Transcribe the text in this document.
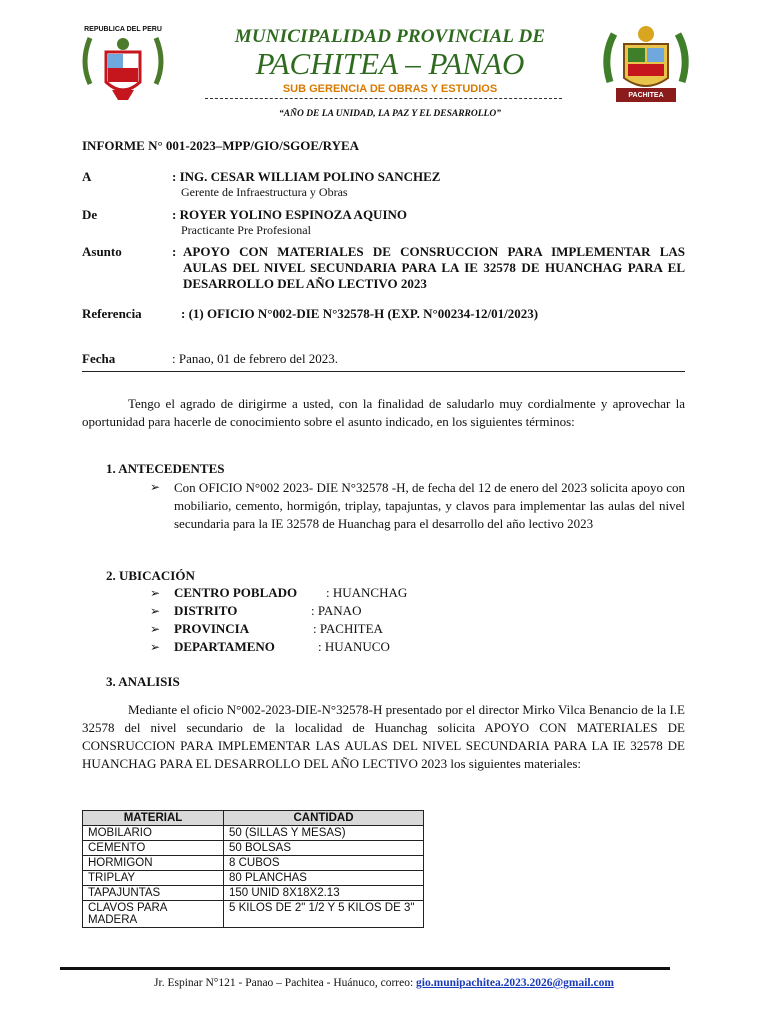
REPUBLICA DEL PERU
PACHITEA
MUNICIPALIDAD PROVINCIAL DE
PACHITEA – PANAO
SUB GERENCIA DE OBRAS Y ESTUDIOS
“AÑO DE LA UNIDAD, LA PAZ Y EL DESARROLLO”
INFORME N° 001-2023–MPP/GIO/SGOE/RYEA
A	: ING. CESAR WILLIAM POLINO SANCHEZ
Gerente de Infraestructura y Obras
De	: ROYER YOLINO ESPINOZA AQUINO
Practicante Pre Profesional
Asunto	: APOYO CON MATERIALES DE CONSRUCCION PARA IMPLEMENTAR LAS AULAS DEL NIVEL SECUNDARIA PARA LA IE 32578 DE HUANCHAG PARA EL DESARROLLO DEL AÑO LECTIVO 2023
Referencia	: (1) OFICIO N°002-DIE N°32578-H (EXP. N°00234-12/01/2023)
Fecha	: Panao, 01 de febrero del 2023.
Tengo el agrado de dirigirme a usted, con la finalidad de saludarlo muy cordialmente y aprovechar la oportunidad para hacerle de conocimiento sobre el asunto indicado, en los siguientes términos:
1. ANTECEDENTES
➢ Con OFICIO N°002 2023- DIE N°32578 -H, de fecha del 12 de enero del 2023 solicita apoyo con mobiliario, cemento, hormigón, triplay, tapajuntas, y clavos para implementar las aulas del nivel secundaria para la IE 32578 de Huanchag para el desarrollo del año lectivo 2023
2. UBICACIÓN
➢ CENTRO POBLADO : HUANCHAG
➢ DISTRITO	: PANAO
➢ PROVINCIA	: PACHITEA
➢ DEPARTAMENO	: HUANUCO
3. ANALISIS
Mediante el oficio N°002-2023-DIE-N°32578-H presentado por el director Mirko Vilca Benancio de la I.E 32578 del nivel secundario de la localidad de Huanchag solicita APOYO CON MATERIALES DE CONSRUCCION PARA IMPLEMENTAR LAS AULAS DEL NIVEL SECUNDARIA PARA LA IE 32578 DE HUANCHAG PARA EL DESARROLLO DEL AÑO LECTIVO 2023 los siguientes materiales:
MATERIAL	CANTIDAD
MOBILARIO	50 (SILLAS Y MESAS)
CEMENTO	50 BOLSAS
HORMIGON	8 CUBOS
TRIPLAY	80 PLANCHAS
TAPAJUNTAS	150 UNID 8X18X2.13
CLAVOS PARA MADERA	5 KILOS DE 2" 1/2 Y 5 KILOS DE 3"
Jr. Espinar N°121 - Panao – Pachitea - Huánuco, correo: gio.munipachitea.2023.2026@gmail.com
